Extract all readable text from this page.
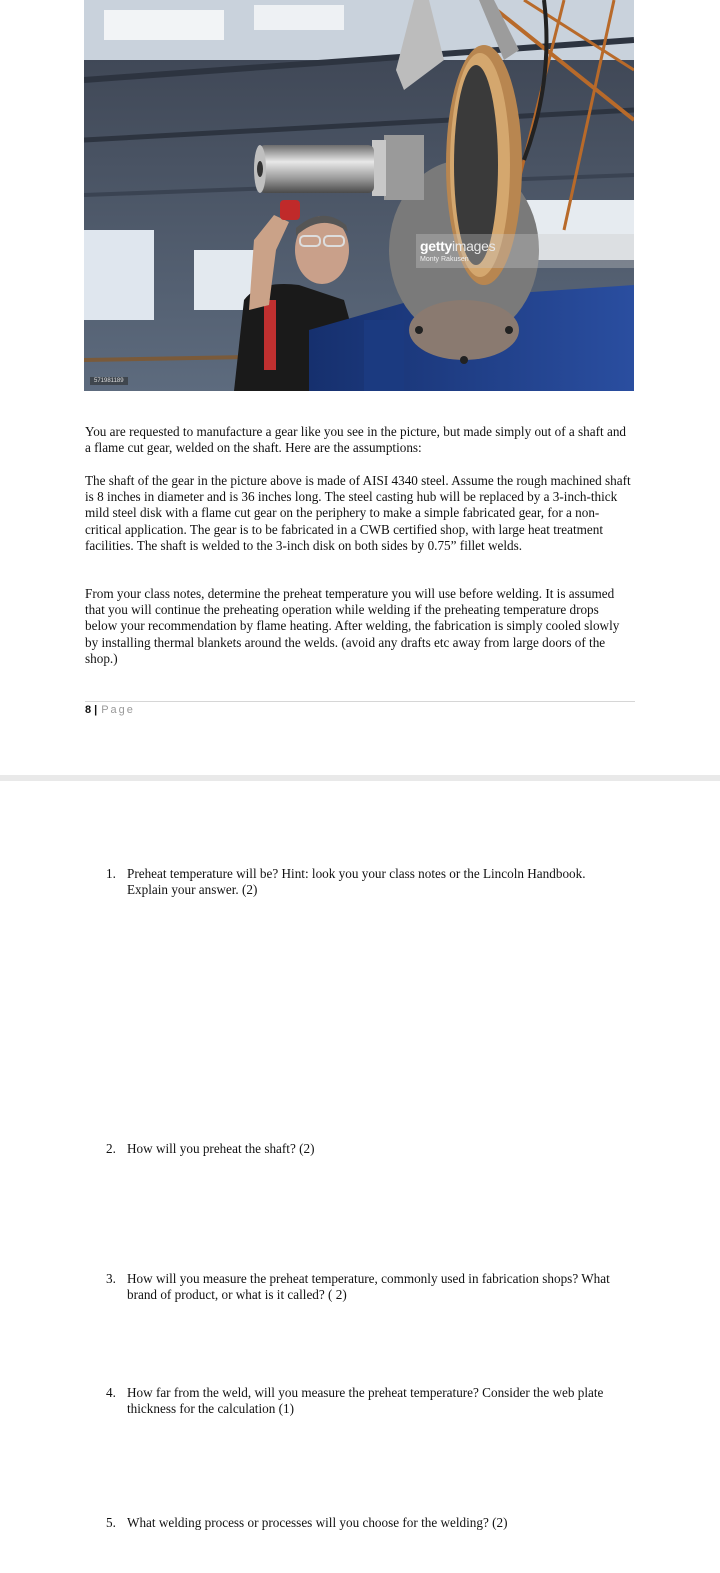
gettyimages
Monty Rakusen
571981189

You are requested to manufacture a gear like you see in the picture, but made simply out of a shaft and a flame cut gear, welded on the shaft. Here are the assumptions:

The shaft of the gear in the picture above is made of AISI 4340 steel. Assume the rough machined shaft is 8 inches in diameter and is 36 inches long. The steel casting hub will be replaced by a 3-inch-thick mild steel disk with a flame cut gear on the periphery to make a simple fabricated gear, for a non-critical application. The gear is to be fabricated in a CWB certified shop, with large heat treatment facilities. The shaft is welded to the 3-inch disk on both sides by 0.75” fillet welds.

From your class notes, determine the preheat temperature you will use before welding. It is assumed that you will continue the preheating operation while welding if the preheating temperature drops below your recommendation by flame heating. After welding, the fabrication is simply cooled slowly by installing thermal blankets around the welds. (avoid any drafts etc away from large doors of the shop.)

8 | Page
1. Preheat temperature will be? Hint: look you your class notes or the Lincoln Handbook. Explain your answer. (2)
2. How will you preheat the shaft? (2)
3. How will you measure the preheat temperature, commonly used in fabrication shops? What brand of product, or what is it called? ( 2)
4. How far from the weld, will you measure the preheat temperature? Consider the web plate thickness for the calculation (1)
5. What welding process or processes will you choose for the welding? (2)
